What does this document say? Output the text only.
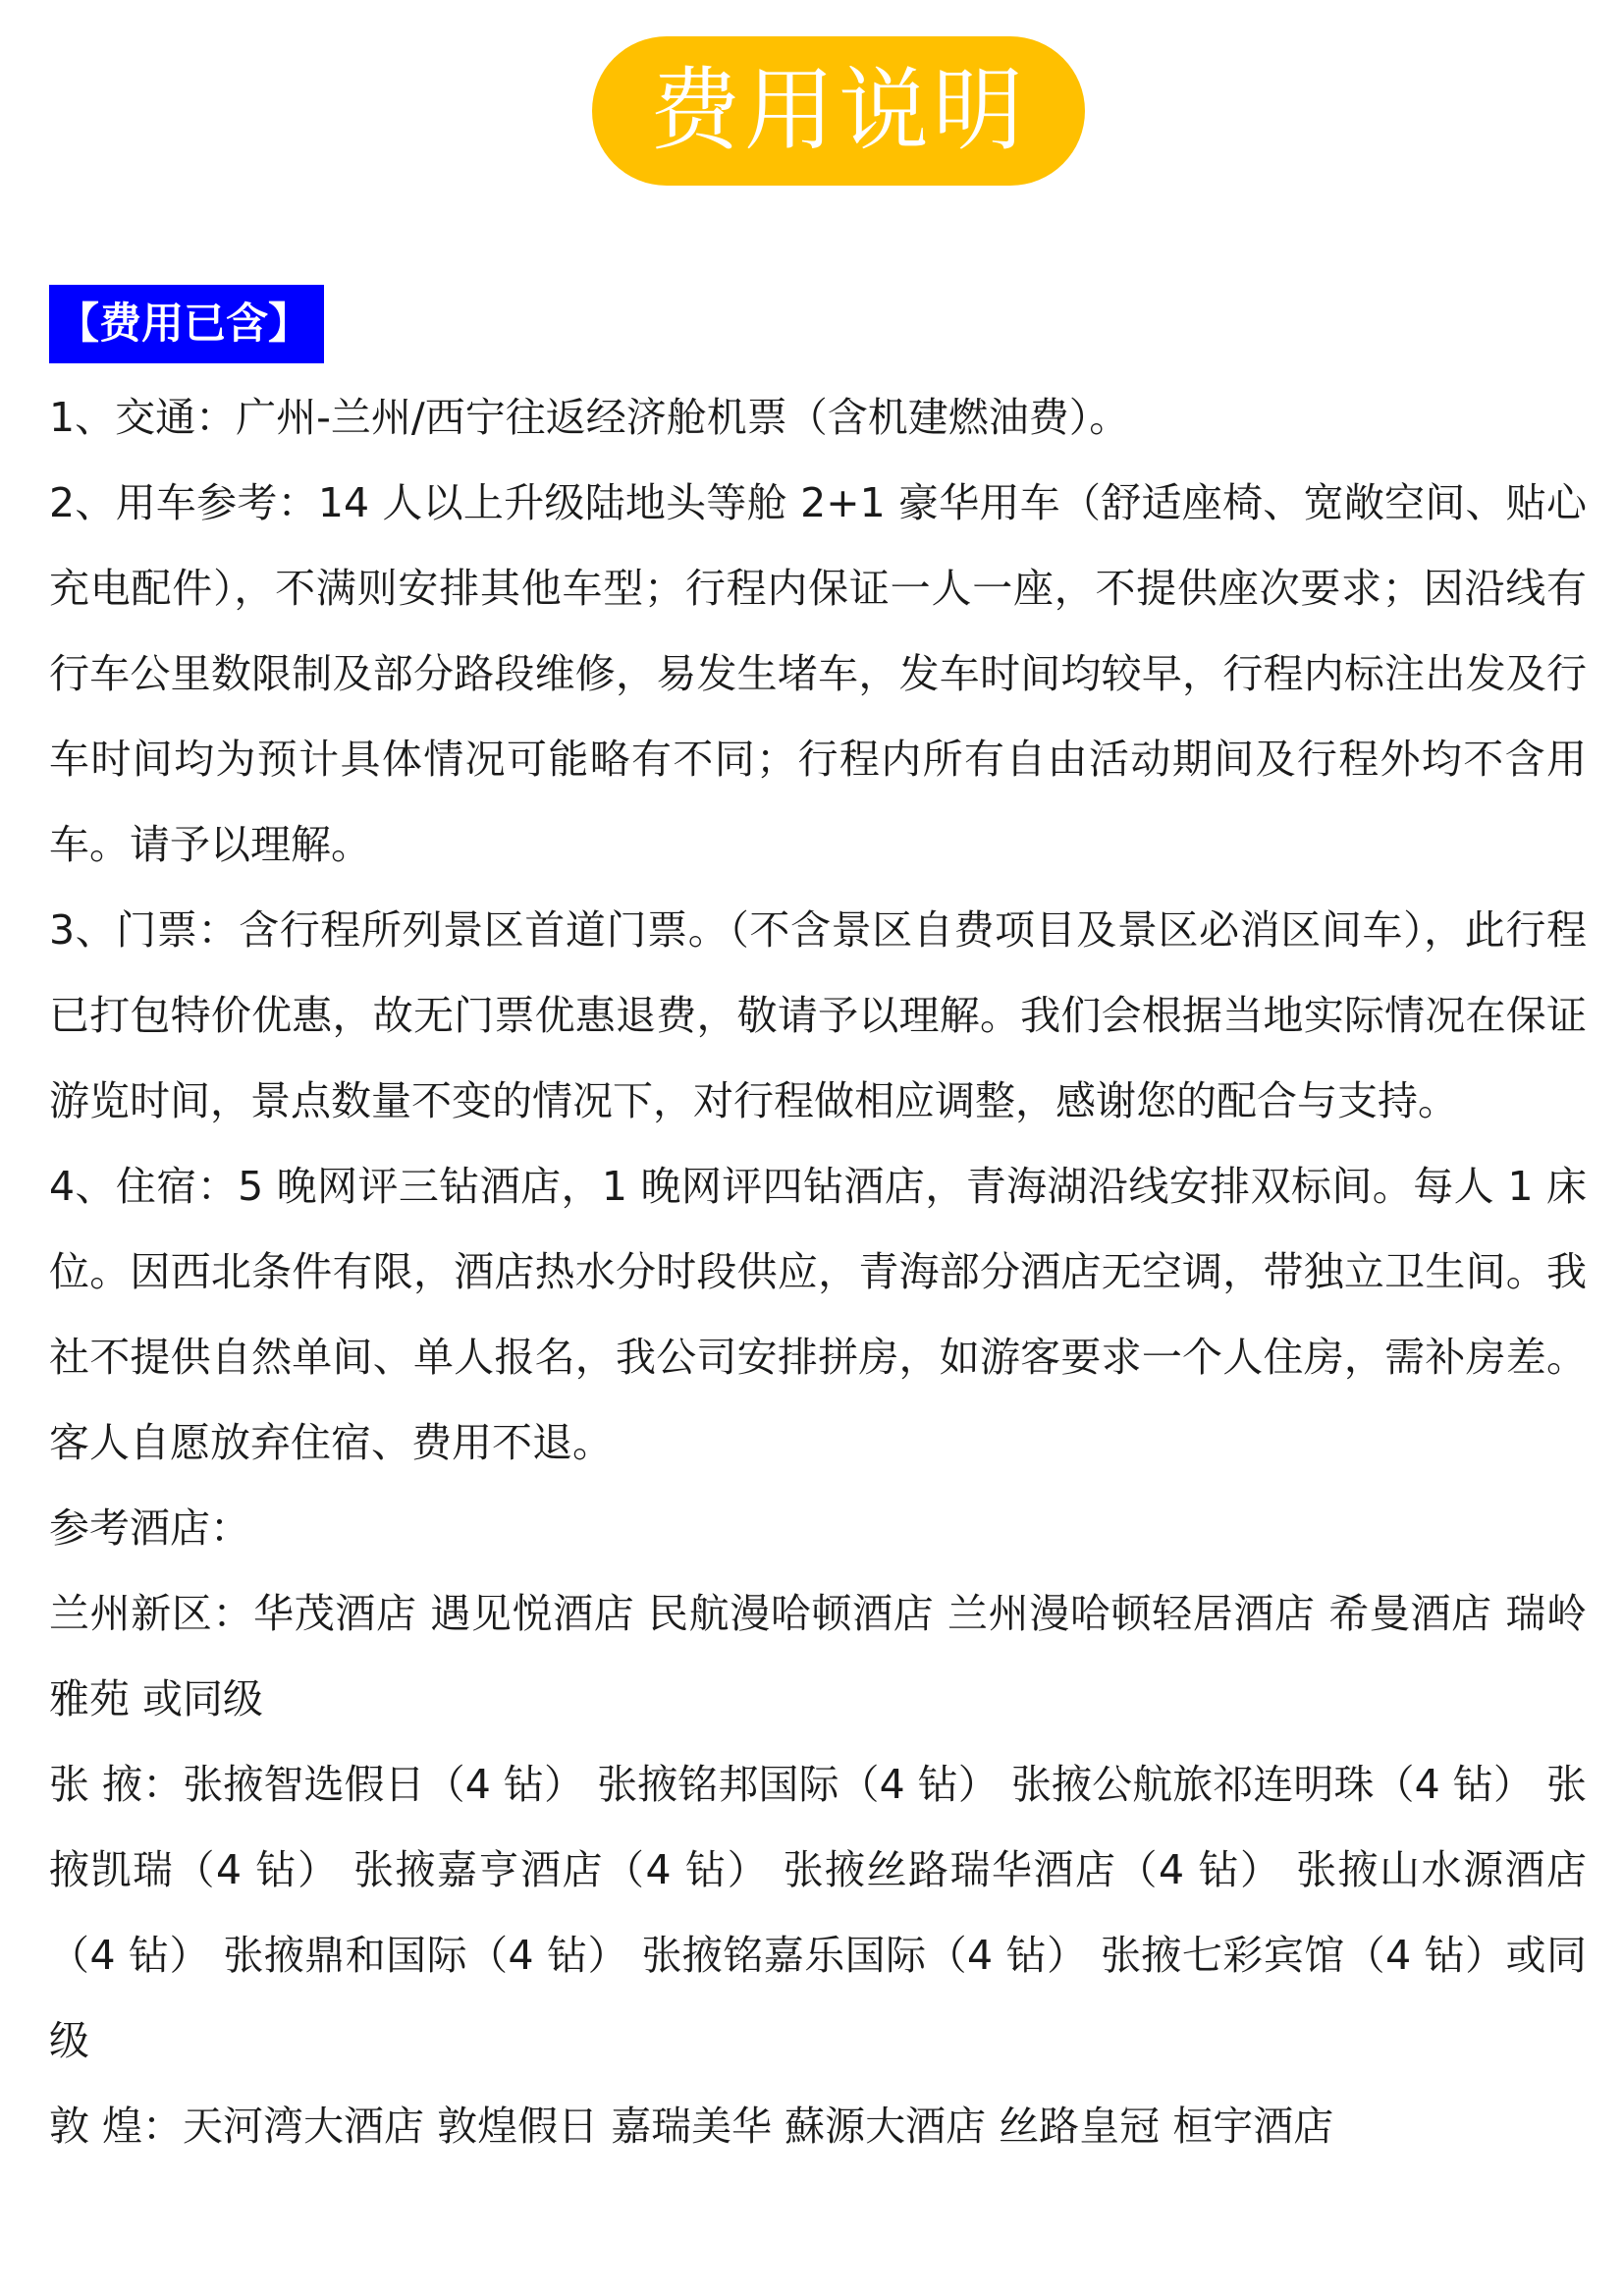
费用说明
【费用已含】

1、交通：广州-兰州/西宁往返经济舱机票（含机建燃油费）。

2、用车参考：14 人以上升级陆地头等舱 2+1 豪华用车（舒适座椅、宽敞空间、贴心充电配件），不满则安排其他车型；行程内保证一人一座，不提供座次要求；因沿线有行车公里数限制及部分路段维修，易发生堵车，发车时间均较早，行程内标注出发及行车时间均为预计具体情况可能略有不同；行程内所有自由活动期间及行程外均不含用车。请予以理解。

3、门票：含行程所列景区首道门票。（不含景区自费项目及景区必消区间车），此行程已打包特价优惠，故无门票优惠退费，敬请予以理解。我们会根据当地实际情况在保证游览时间，景点数量不变的情况下，对行程做相应调整，感谢您的配合与支持。

4、住宿：5 晚网评三钻酒店，1 晚网评四钻酒店，青海湖沿线安排双标间。每人 1 床位。因西北条件有限，酒店热水分时段供应，青海部分酒店无空调，带独立卫生间。我社不提供自然单间、单人报名，我公司安排拼房，如游客要求一个人住房，需补房差。客人自愿放弃住宿、费用不退。

参考酒店：

兰州新区：华茂酒店 遇见悦酒店 民航漫哈顿酒店 兰州漫哈顿轻居酒店 希曼酒店 瑞岭雅苑 或同级

张 掖：张掖智选假日（4 钻） 张掖铭邦国际（4 钻） 张掖公航旅祁连明珠（4 钻） 张掖凯瑞（4 钻） 张掖嘉亨酒店（4 钻） 张掖丝路瑞华酒店（4 钻） 张掖山水源酒店（4 钻） 张掖鼎和国际（4 钻） 张掖铭嘉乐国际（4 钻） 张掖七彩宾馆（4 钻）或同级

敦 煌：天河湾大酒店 敦煌假日 嘉瑞美华 蘇源大酒店 丝路皇冠 桓宇酒店
